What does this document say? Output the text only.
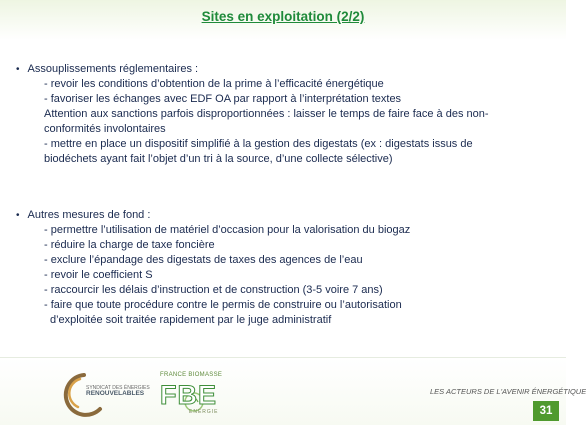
Sites en exploitation (2/2)
• Assouplissements réglementaires :
- revoir les conditions d’obtention de la prime à l’efficacité énergétique
- favoriser les échanges avec EDF OA par rapport à l’interprétation textes
Attention aux sanctions parfois disproportionnées : laisser le temps de faire face à des non-
conformités involontaires
- mettre en place un dispositif simplifié à la gestion des digestats (ex : digestats issus de
biodéchets ayant fait l’objet d’un tri à la source, d’une collecte sélective)
• Autres mesures de fond :
- permettre l’utilisation de matériel d’occasion pour la valorisation du biogaz
- réduire la charge de taxe foncière
- exclure l’épandage des digestats de taxes des agences de l’eau
- revoir le coefficient S
- raccourcir les délais d’instruction et de construction (3-5 voire 7 ans)
- faire que toute procédure contre le permis de construire ou l’autorisation
d’exploitée soit traitée rapidement par le juge administratif
SYNDICAT DES ÉNERGIES
RENOUVELABLES
FRANCE BIOMASSE
FBE
ENERGIE
LES ACTEURS DE L'AVENIR ÉNERGÉTIQUE
31
